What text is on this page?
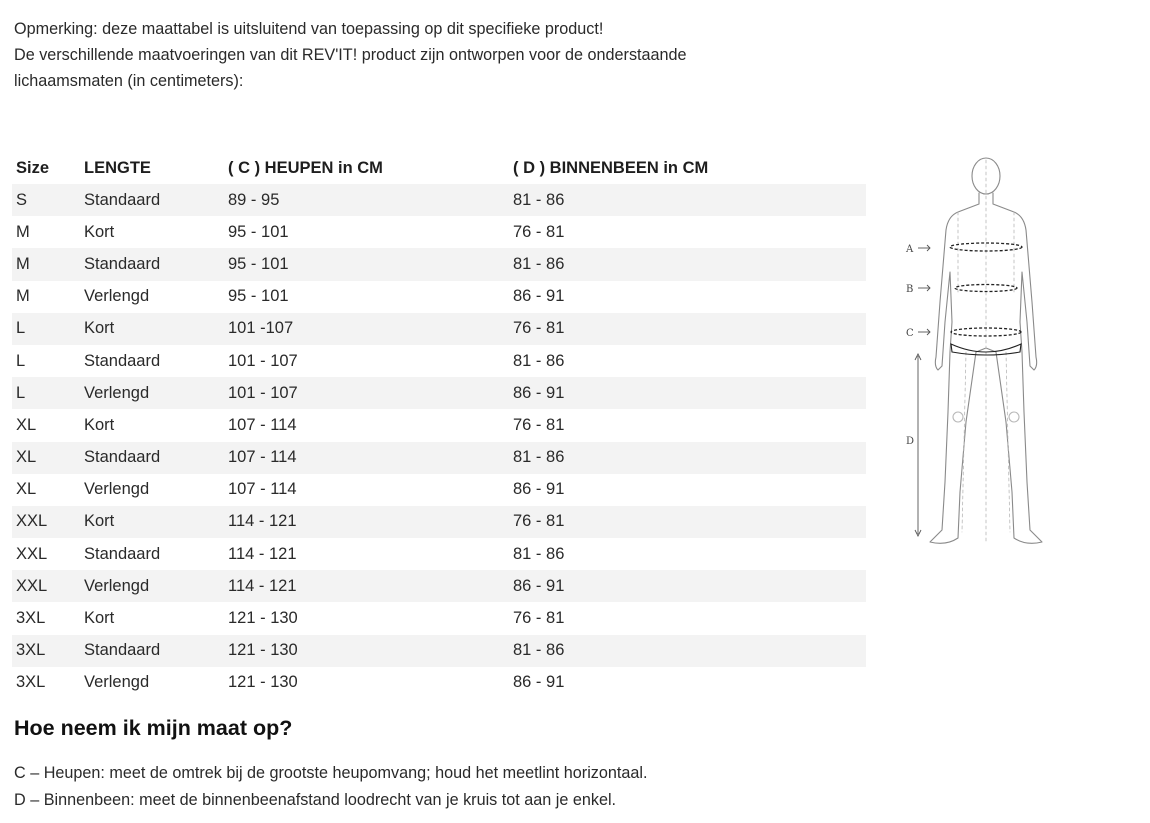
Opmerking: deze maattabel is uitsluitend van toepassing op dit specifieke product!

De verschillende maatvoeringen van dit REV'IT! product zijn ontworpen voor de onderstaande

lichaamsmaten (in centimeters):

Size	LENGTE	( C ) HEUPEN in CM	( D ) BINNENBEEN in CM
S	Standaard	89 - 95	81 - 86
M	Kort	95 - 101	76 - 81
M	Standaard	95 - 101	81 - 86
M	Verlengd	95 - 101	86 - 91
L	Kort	101 -107	76 - 81
L	Standaard	101 - 107	81 - 86
L	Verlengd	101 - 107	86 - 91
XL	Kort	107 - 114	76 - 81
XL	Standaard	107 - 114	81 - 86
XL	Verlengd	107 - 114	86 - 91
XXL	Kort	114 - 121	76 - 81
XXL	Standaard	114 - 121	81 - 86
XXL	Verlengd	114 - 121	86 - 91
3XL	Kort	121 - 130	76 - 81
3XL	Standaard	121 - 130	81 - 86
3XL	Verlengd	121 - 130	86 - 91
A
B
C
D
Hoe neem ik mijn maat op?

C – Heupen: meet de omtrek bij de grootste heupomvang; houd het meetlint horizontaal.

D – Binnenbeen: meet de binnenbeenafstand loodrecht van je kruis tot aan je enkel.
